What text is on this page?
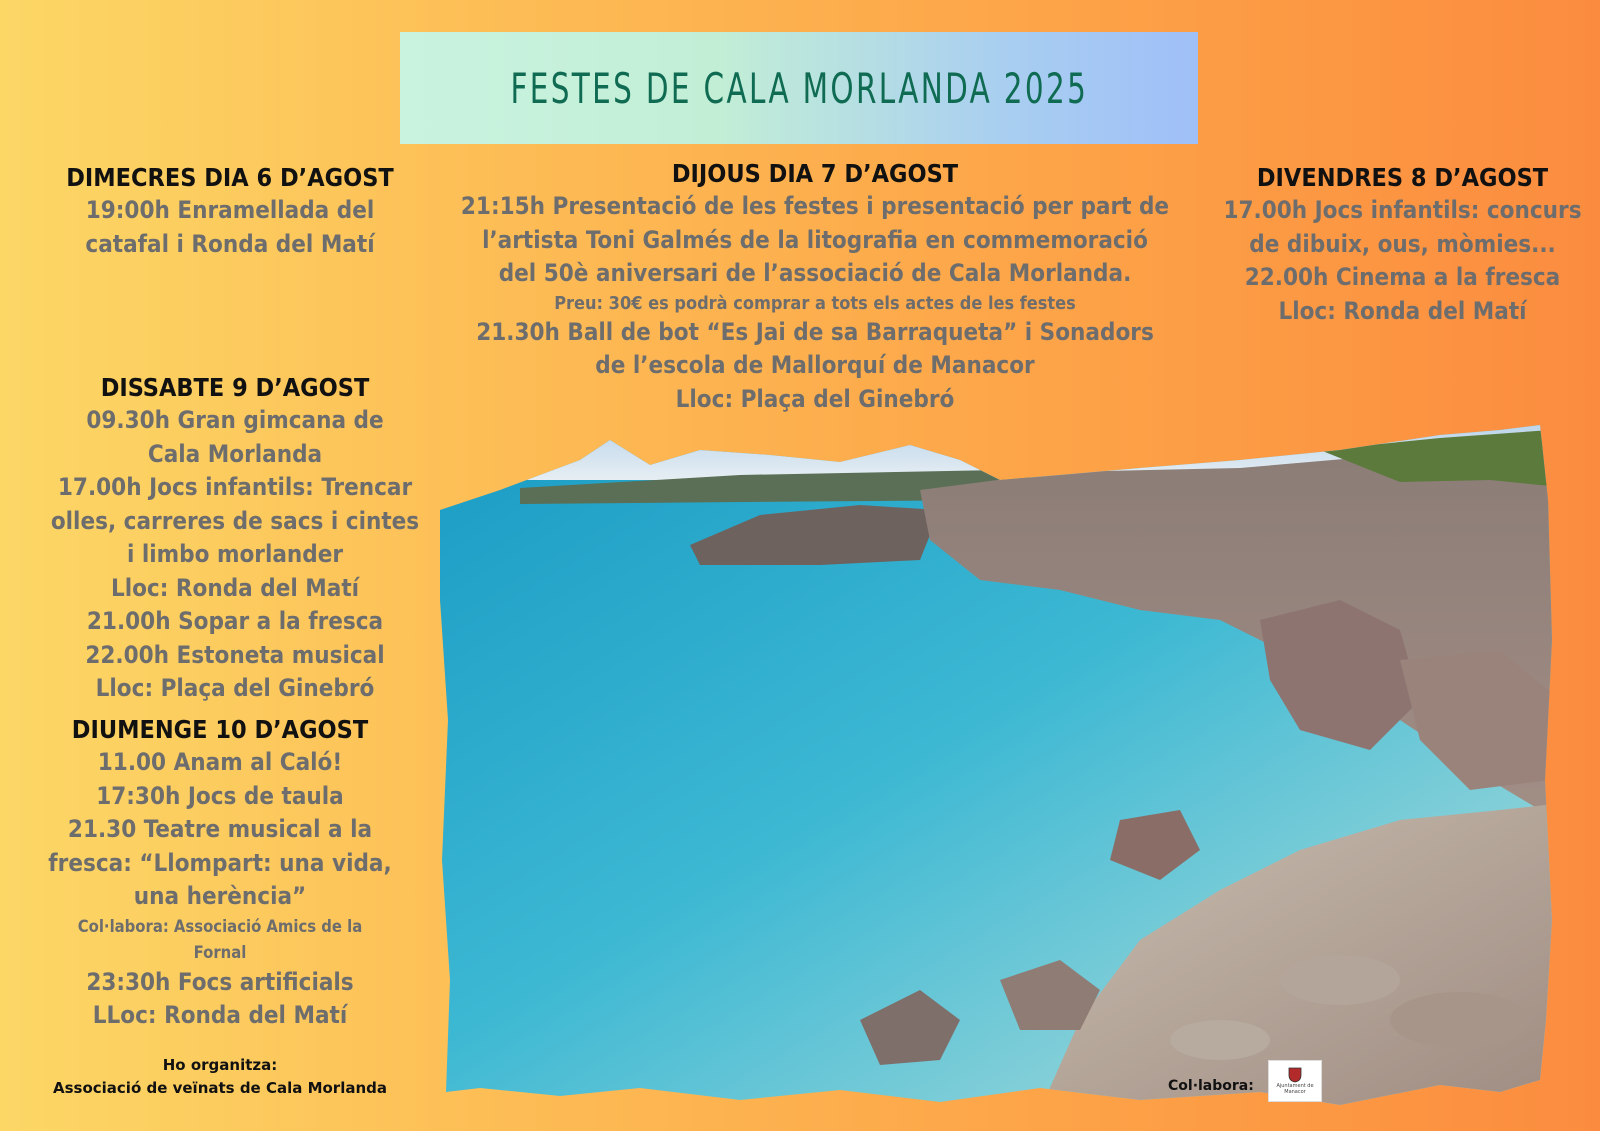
FESTES DE CALA MORLANDA 2025
DIMECRES DIA 6 D’AGOST
19:00h Enramellada del
catafal i Ronda del Matí
DIJOUS DIA 7 D’AGOST
21:15h Presentació de les festes i presentació per part de
l’artista Toni Galmés de la litografia en commemoració
del 50è aniversari de l’associació de Cala Morlanda.
Preu: 30€ es podrà comprar a tots els actes de les festes
21.30h Ball de bot “Es Jai de sa Barraqueta” i Sonadors
de l’escola de Mallorquí de Manacor
Lloc: Plaça del Ginebró
DIVENDRES 8 D’AGOST
17.00h Jocs infantils: concurs
de dibuix, ous, mòmies...
22.00h Cinema a la fresca
Lloc: Ronda del Matí
DISSABTE 9 D’AGOST
09.30h Gran gimcana de
Cala Morlanda
17.00h Jocs infantils: Trencar
olles, carreres de sacs i cintes
i limbo morlander
Lloc: Ronda del Matí
21.00h Sopar a la fresca
22.00h Estoneta musical
Lloc: Plaça del Ginebró
DIUMENGE 10 D’AGOST
11.00 Anam al Caló!
17:30h Jocs de taula
21.30 Teatre musical a la
fresca: “Llompart: una vida,
una herència”
Col·labora: Associació Amics de la
Fornal
23:30h Focs artificials
LLoc: Ronda del Matí
Ho organitza:
Associació de veïnats de Cala Morlanda	Col·labora:	Ajuntament de
Manacor
